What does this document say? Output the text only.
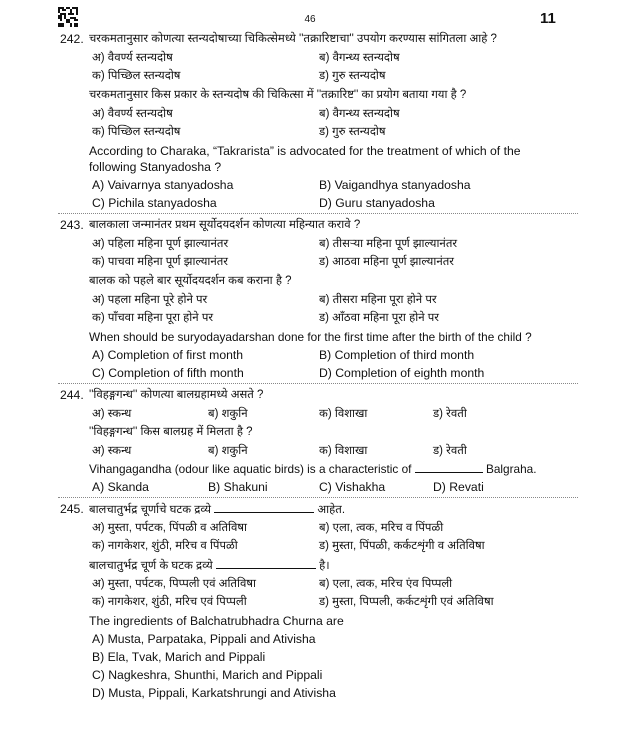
46	11
242. चरकमतानुसार कोणत्या स्तन्यदोषाच्या चिकित्सेमध्ये ''तक्रारिष्टाचा'' उपयोग करण्यास सांगितला आहे ?
अ) वैवर्ण्य स्तन्यदोष	ब) वैगन्ध्य स्तन्यदोष
क) पिच्छिल स्तन्यदोष	ड) गुरु स्तन्यदोष
चरकमतानुसार किस प्रकार के स्तन्यदोष की चिकित्सा में ''तक्रारिष्ट'' का प्रयोग बताया गया है ?
अ) वैवर्ण्य स्तन्यदोष	ब) वैगन्ध्य स्तन्यदोष
क) पिच्छिल स्तन्यदोष	ड) गुरु स्तन्यदोष
According to Charaka, “Takrarista” is advocated for the treatment of which of the
following Stanyadosha ?
A) Vaivarnya stanyadosha	B) Vaigandhya stanyadosha
C) Pichila stanyadosha	D) Guru stanyadosha
243. बालकाला जन्मानंतर प्रथम सूर्योदयदर्शन कोणत्या महिन्यात करावे ?
अ) पहिला महिना पूर्ण झाल्यानंतर	ब) तीसऱ्या महिना पूर्ण झाल्यानंतर
क) पाचवा महिना पूर्ण झाल्यानंतर	ड) आठवा महिना पूर्ण झाल्यानंतर
बालक को पहले बार सूर्योदयदर्शन कब कराना है ?
अ) पहला महिना पूरे होने पर	ब) तीसरा महिना पूरा होने पर
क) पाँचवा महिना पूरा होने पर	ड) आँठवा महिना पूरा होने पर
When should be suryodayadarshan done for the first time after the birth of the child ?
A) Completion of first month	B) Completion of third month
C) Completion of fifth month	D) Completion of eighth month
244. ''विहङ्गगन्ध'' कोणत्या बालग्रहामध्ये असते ?
अ) स्कन्ध	ब) शकुनि	क) विशाखा	ड) रेवती
''विहङ्गगन्ध'' किस बालग्रह में मिलता है ?
अ) स्कन्ध	ब) शकुनि	क) विशाखा	ड) रेवती
Vihangagandha (odour like aquatic birds) is a characteristic of	Balgraha.
A) Skanda	B) Shakuni	C) Vishakha	D) Revati
245. बालचातुर्भद्र चूर्णाचे घटक द्रव्ये	आहेत.
अ) मुस्ता, पर्पटक, पिंपळी व अतिविषा	ब) एला, त्वक, मरिच व पिंपळी
क) नागकेशर, शुंठी, मरिच व पिंपळी	ड) मुस्ता, पिंपळी, कर्कटशृंगी व अतिविषा
बालचातुर्भद्र चूर्ण के घटक द्रव्ये	है।
अ) मुस्ता, पर्पटक, पिप्पली एवं अतिविषा	ब) एला, त्वक, मरिच एंव पिप्पली
क) नागकेशर, शुंठी, मरिच एवं पिप्पली	ड) मुस्ता, पिप्पली, कर्कटशृंगी एवं अतिविषा
The ingredients of Balchatrubhadra Churna are
A) Musta, Parpataka, Pippali and Ativisha
B) Ela, Tvak, Marich and Pippali
C) Nagkeshra, Shunthi, Marich and Pippali
D) Musta, Pippali, Karkatshrungi and Ativisha
